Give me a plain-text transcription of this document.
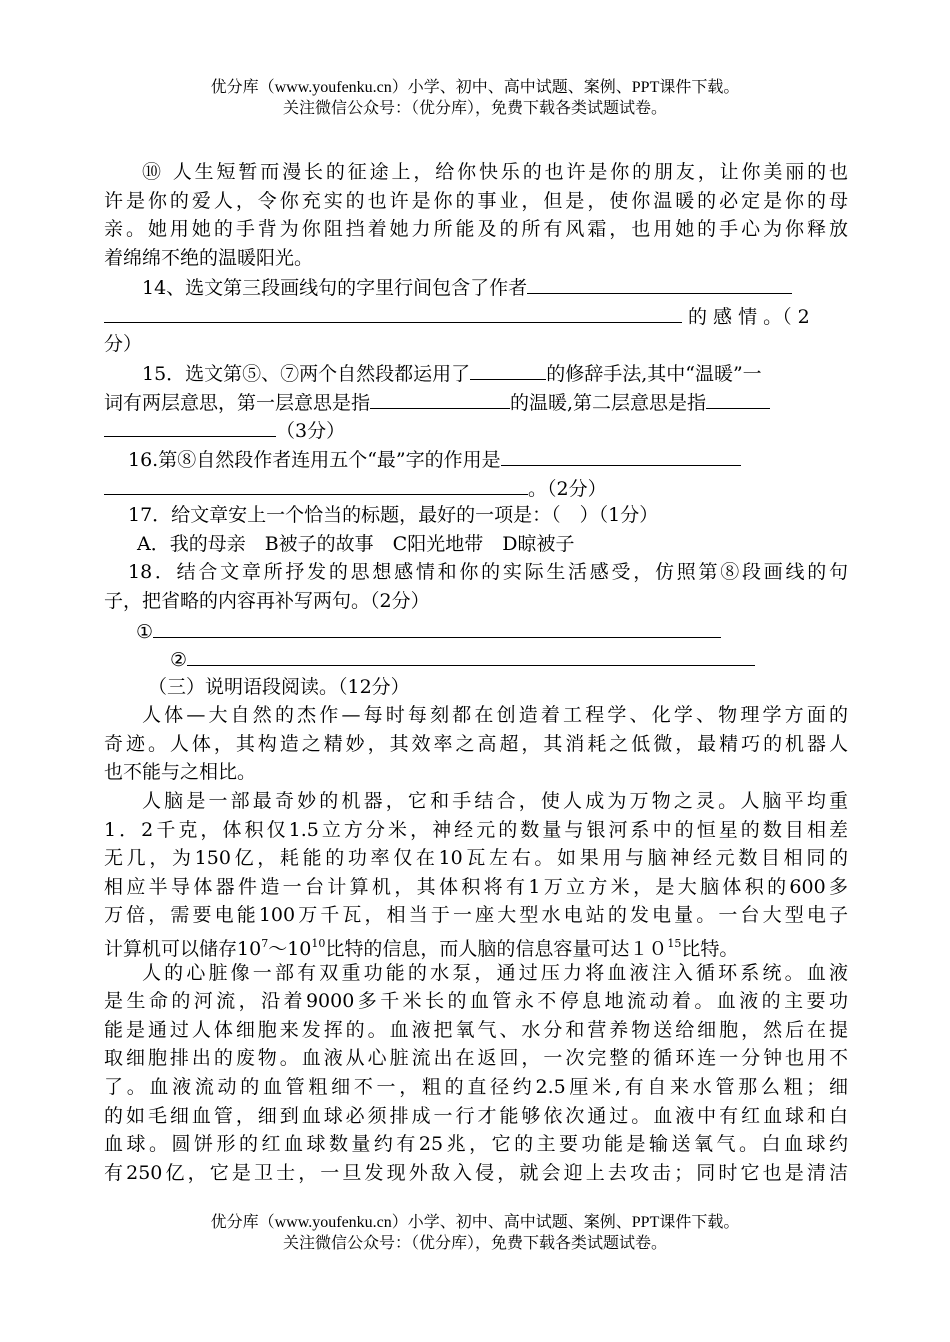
优分库（www.youfenku.cn）小学、初中、高中试题、案例、PPT课件下载。
关注微信公众号：（优分库），免费下载各类试题试卷。
⑩ 人生短暂而漫长的征途上，给你快乐的也许是你的朋友，让你美丽的也
许是你的爱人，令你充实的也许是你的事业，但是，使你温暖的必定是你的母
亲。她用她的手背为你阻挡着她力所能及的所有风霜，也用她的手心为你释放
着绵绵不绝的温暖阳光。
14、选文第三段画线句的字里行间包含了作者
的 感 情 。（ 2
分）
15．选文第⑤、⑦两个自然段都运用了	的修辞手法,其中“温暖”一
词有两层意思，第一层意思是指	的温暖,第二层意思是指
（3分）
16.第⑧自然段作者连用五个“最”字的作用是
。（2分）
17．给文章安上一个恰当的标题，最好的一项是：（　）（1分）
A．我的母亲　B被子的故事　C阳光地带　D晾被子
18．结合文章所抒发的思想感情和你的实际生活感受，仿照第⑧段画线的句
子，把省略的内容再补写两句。（2分）
①
②
（三）说明语段阅读。（12分）
人体—大自然的杰作—每时每刻都在创造着工程学、化学、物理学方面的
奇迹。人体，其构造之精妙，其效率之高超，其消耗之低微，最精巧的机器人
也不能与之相比。
人脑是一部最奇妙的机器，它和手结合，使人成为万物之灵。人脑平均重
1．2千克，体积仅1.5立方分米，神经元的数量与银河系中的恒星的数目相差
无几，为150亿，耗能的功率仅在10瓦左右。如果用与脑神经元数目相同的
相应半导体器件造一台计算机，其体积将有1万立方米，是大脑体积的600多
万倍，需要电能100万千瓦，相当于一座大型水电站的发电量。一台大型电子
计算机可以储存$10^7\sim 10^{10}$比特的信息，而人脑的信息容量可达$10^{15}$比特。
人的心脏像一部有双重功能的水泵，通过压力将血液注入循环系统。血液
是生命的河流，沿着9000多千米长的血管永不停息地流动着。血液的主要功
能是通过人体细胞来发挥的。血液把氧气、水分和营养物送给细胞，然后在提
取细胞排出的废物。血液从心脏流出在返回，一次完整的循环连一分钟也用不
了。血液流动的血管粗细不一，粗的直径约2.5厘米,有自来水管那么粗；细
的如毛细血管，细到血球必须排成一行才能够依次通过。血液中有红血球和白
血球。圆饼形的红血球数量约有25兆，它的主要功能是输送氧气。白血球约
有250亿，它是卫士，一旦发现外敌入侵，就会迎上去攻击；同时它也是清洁
优分库（www.youfenku.cn）小学、初中、高中试题、案例、PPT课件下载。
关注微信公众号：（优分库），免费下载各类试题试卷。
